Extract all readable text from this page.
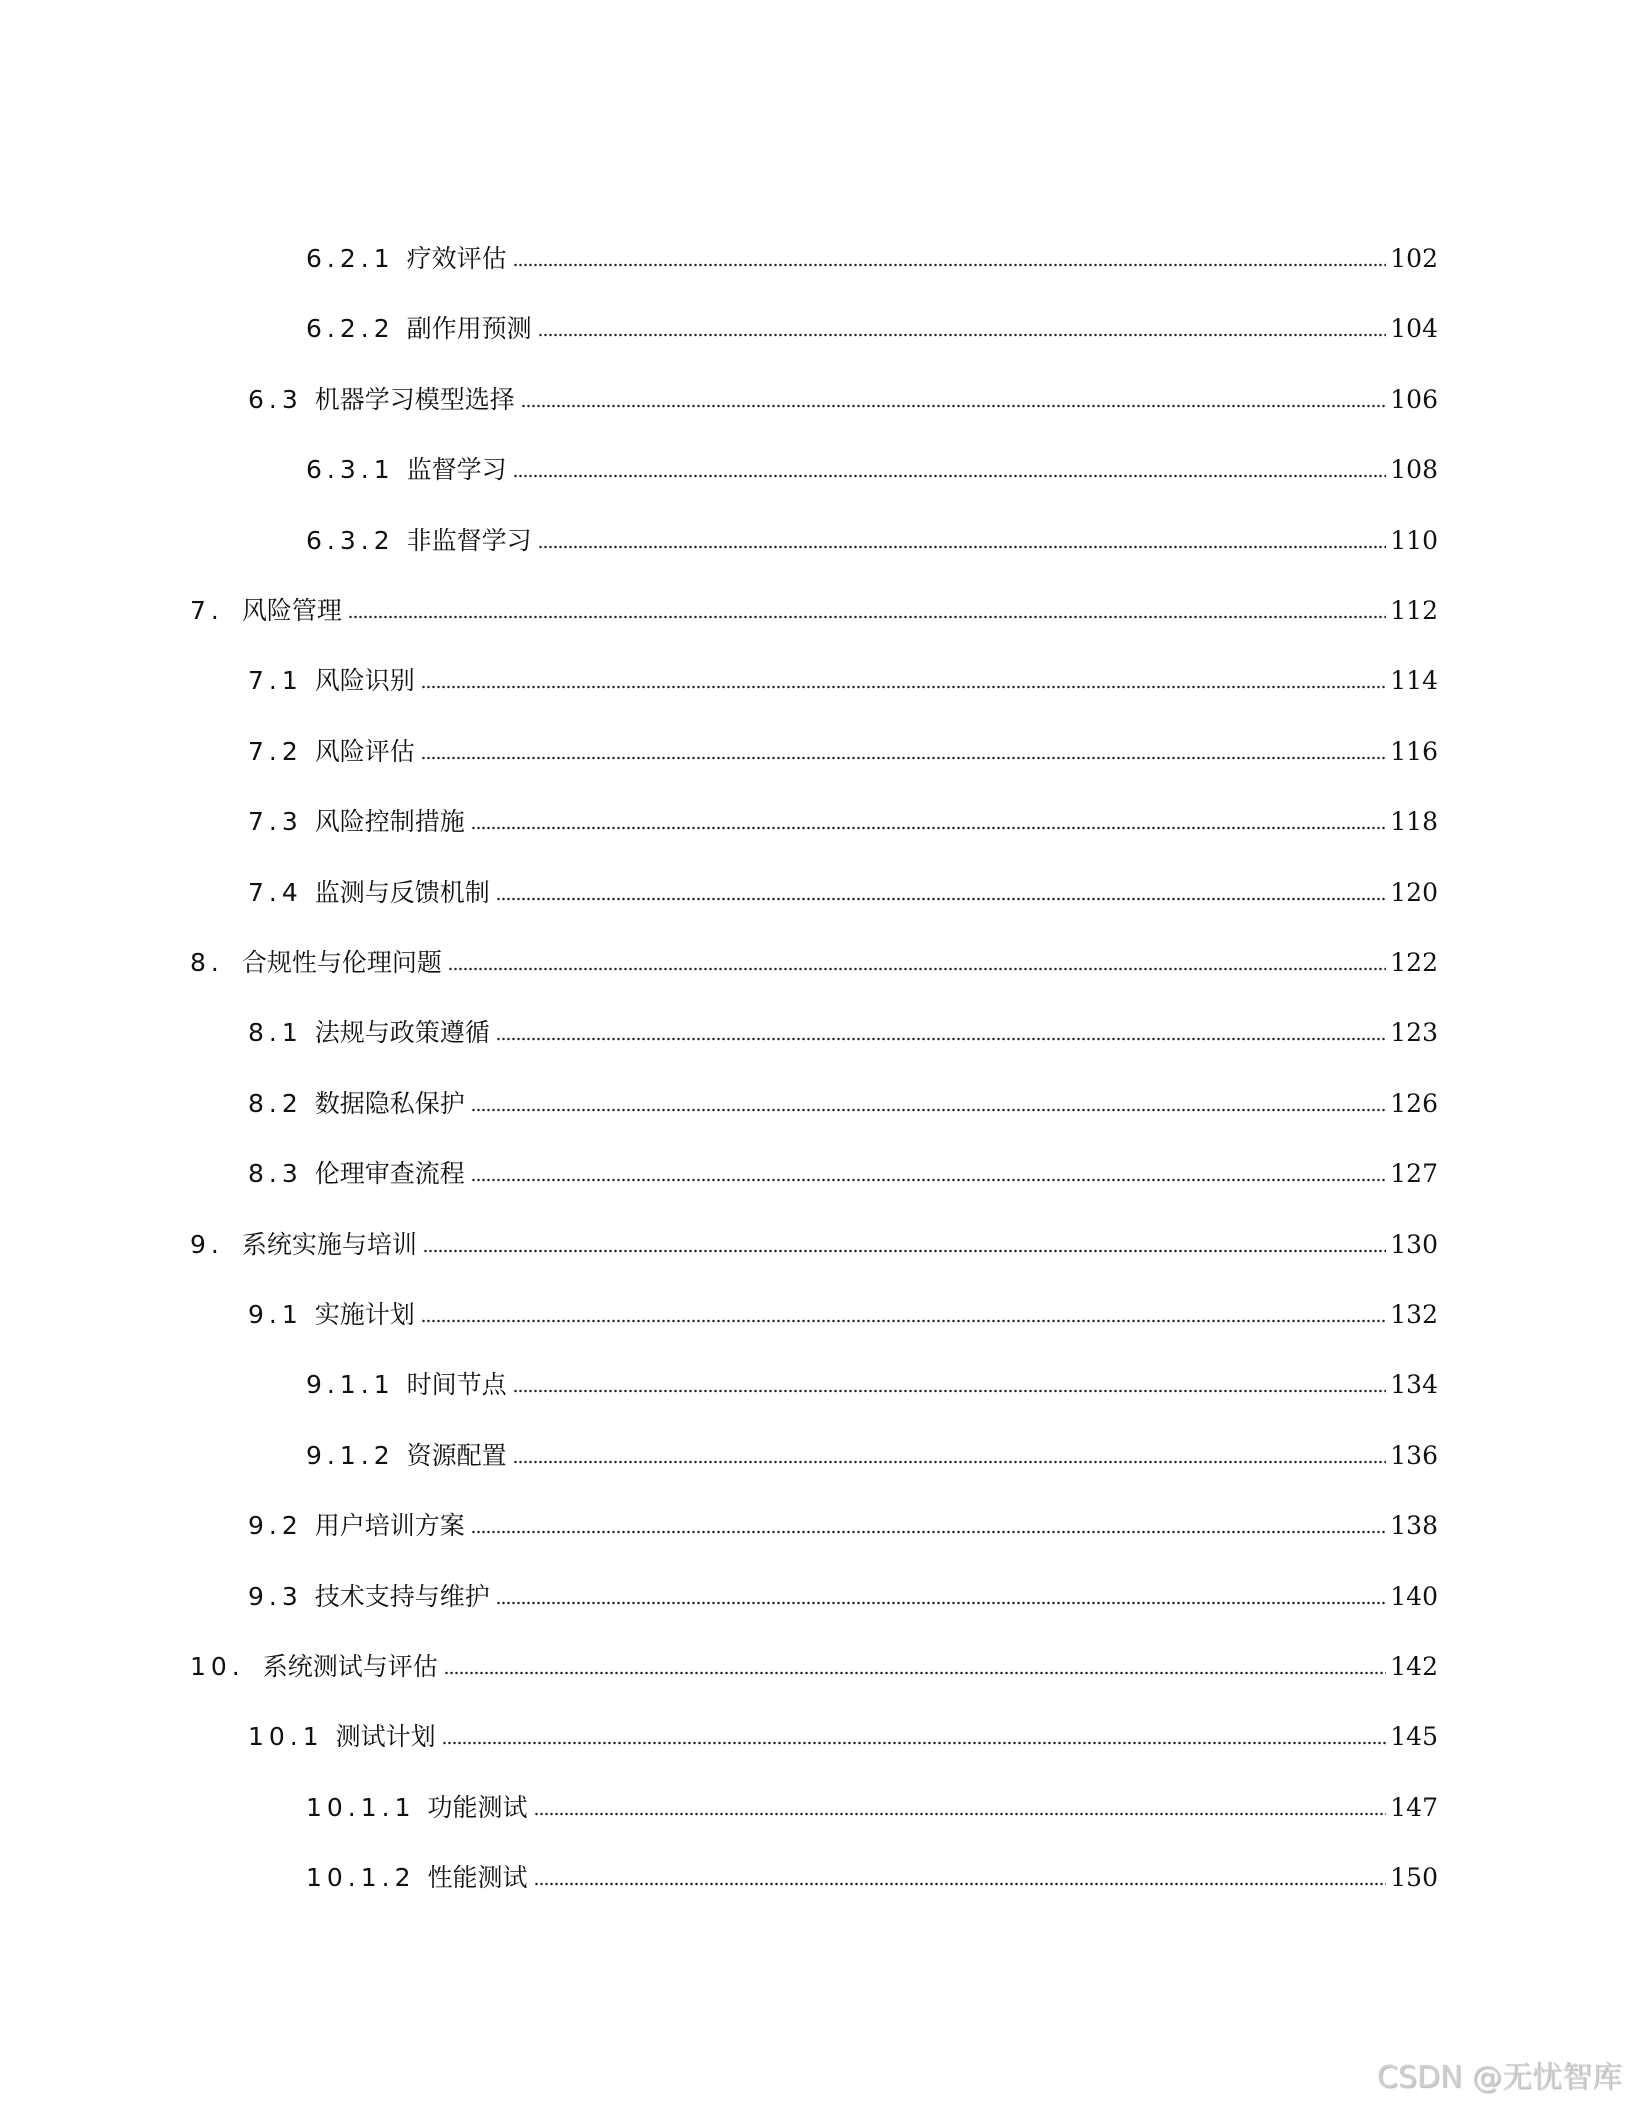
6.2.1 疗效评估	102
6.2.2 副作用预测	104
6.3 机器学习模型选择	106
6.3.1 监督学习	108
6.3.2 非监督学习	110
7. 风险管理	112
7.1 风险识别	114
7.2 风险评估	116
7.3 风险控制措施	118
7.4 监测与反馈机制	120
8. 合规性与伦理问题	122
8.1 法规与政策遵循	123
8.2 数据隐私保护	126
8.3 伦理审查流程	127
9. 系统实施与培训	130
9.1 实施计划	132
9.1.1 时间节点	134
9.1.2 资源配置	136
9.2 用户培训方案	138
9.3 技术支持与维护	140
10. 系统测试与评估	142
10.1 测试计划	145
10.1.1 功能测试	147
10.1.2 性能测试	150
CSDN @无忧智库
